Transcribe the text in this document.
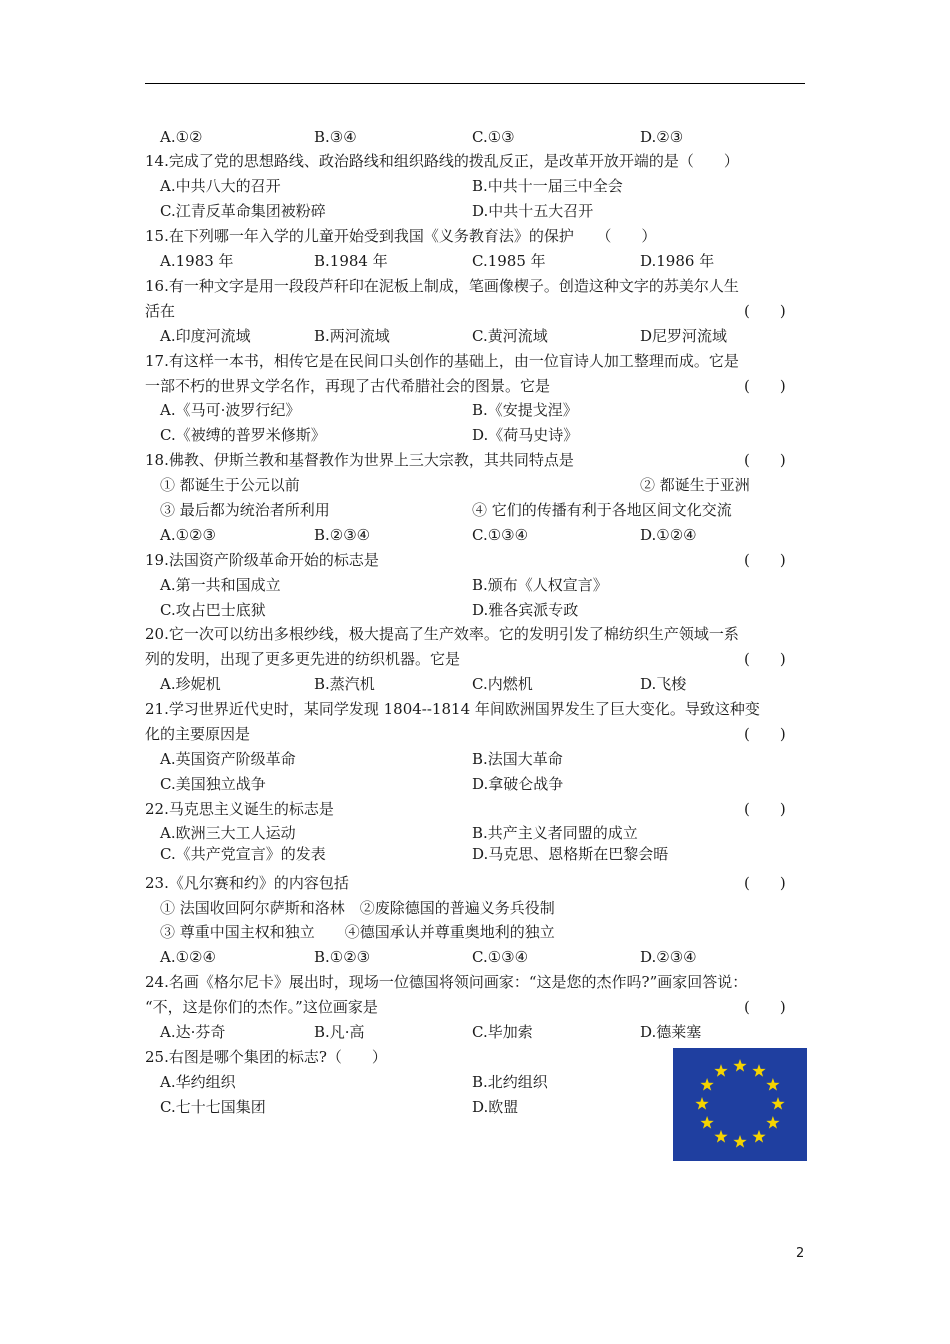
A.①②	B.③④	C.①③	D.②③
14.完成了党的思想路线、政治路线和组织路线的拨乱反正，是改革开放开端的是（　　）
A.中共八大的召开	B.中共十一届三中全会
C.江青反革命集团被粉碎	D.中共十五大召开
15.在下列哪一年入学的儿童开始受到我国《义务教育法》的保护　　（　　）
A.1983 年	B.1984 年	C.1985 年	D.1986 年
16.有一种文字是用一段段芦秆印在泥板上制成，笔画像楔子。创造这种文字的苏美尔人生
活在	(　　)
A.印度河流域	B.两河流域	C.黄河流域	D尼罗河流域
17.有这样一本书，相传它是在民间口头创作的基础上，由一位盲诗人加工整理而成。它是
一部不朽的世界文学名作，再现了古代希腊社会的图景。它是	(　　)
A.《马可·波罗行纪》	B.《安提戈涅》
C.《被缚的普罗米修斯》	D.《荷马史诗》
18.佛教、伊斯兰教和基督教作为世界上三大宗教，其共同特点是	(　　)
① 都诞生于公元以前	② 都诞生于亚洲
③ 最后都为统治者所利用	④ 它们的传播有利于各地区间文化交流
A.①②③	B.②③④	C.①③④	D.①②④
19.法国资产阶级革命开始的标志是	(　　)
A.第一共和国成立	B.颁布《人权宣言》
C.攻占巴士底狱	D.雅各宾派专政
20.它一次可以纺出多根纱线，极大提高了生产效率。它的发明引发了棉纺织生产领域一系
列的发明，出现了更多更先进的纺织机器。它是	(　　)
A.珍妮机	B.蒸汽机	C.内燃机	D.飞梭
21.学习世界近代史时，某同学发现 1804--1814 年间欧洲国界发生了巨大变化。导致这种变
化的主要原因是	(　　)
A.英国资产阶级革命	B.法国大革命
C.美国独立战争	D.拿破仑战争
22.马克思主义诞生的标志是	(　　)
A.欧洲三大工人运动	B.共产主义者同盟的成立
C.《共产党宣言》的发表	D.马克思、恩格斯在巴黎会晤
23.《凡尔赛和约》的内容包括	(　　)
① 法国收回阿尔萨斯和洛林　②废除德国的普遍义务兵役制
③ 尊重中国主权和独立　　④德国承认并尊重奥地利的独立
A.①②④	B.①②③	C.①③④	D.②③④
24.名画《格尔尼卡》展出时，现场一位德国将领问画家：“这是您的杰作吗?”画家回答说：
“不，这是你们的杰作。”这位画家是	(　　)
A.达·芬奇	B.凡·高	C.毕加索	D.德莱塞
25.右图是哪个集团的标志?（　　）
A.华约组织	B.北约组织
C.七十七国集团	D.欧盟
2
